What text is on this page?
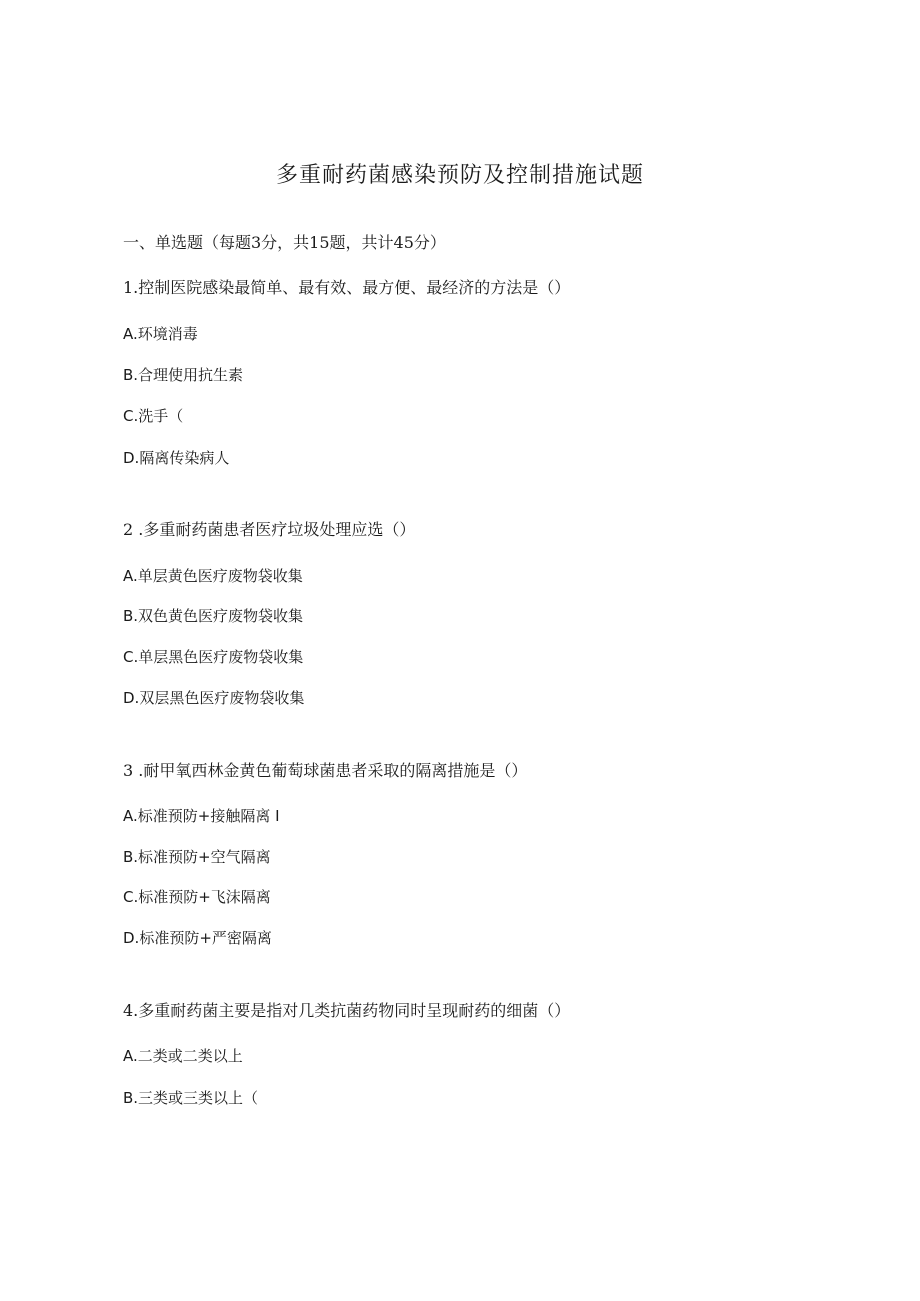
多重耐药菌感染预防及控制措施试题
一、单选题（每题3分，共15题，共计45分）
1.控制医院感染最简单、最有效、最方便、最经济的方法是（）
A.环境消毒
B.合理使用抗生素
C.洗手（
D.隔离传染病人
2 .多重耐药菌患者医疗垃圾处理应选（）
A.单层黄色医疗废物袋收集
B.双色黄色医疗废物袋收集
C.单层黑色医疗废物袋收集
D.双层黑色医疗废物袋收集
3 .耐甲氧西林金黄色葡萄球菌患者采取的隔离措施是（）
A.标准预防+接触隔离 I
B.标准预防+空气隔离
C.标准预防+飞沫隔离
D.标准预防+严密隔离
4.多重耐药菌主要是指对几类抗菌药物同时呈现耐药的细菌（）
A.二类或二类以上
B.三类或三类以上（
